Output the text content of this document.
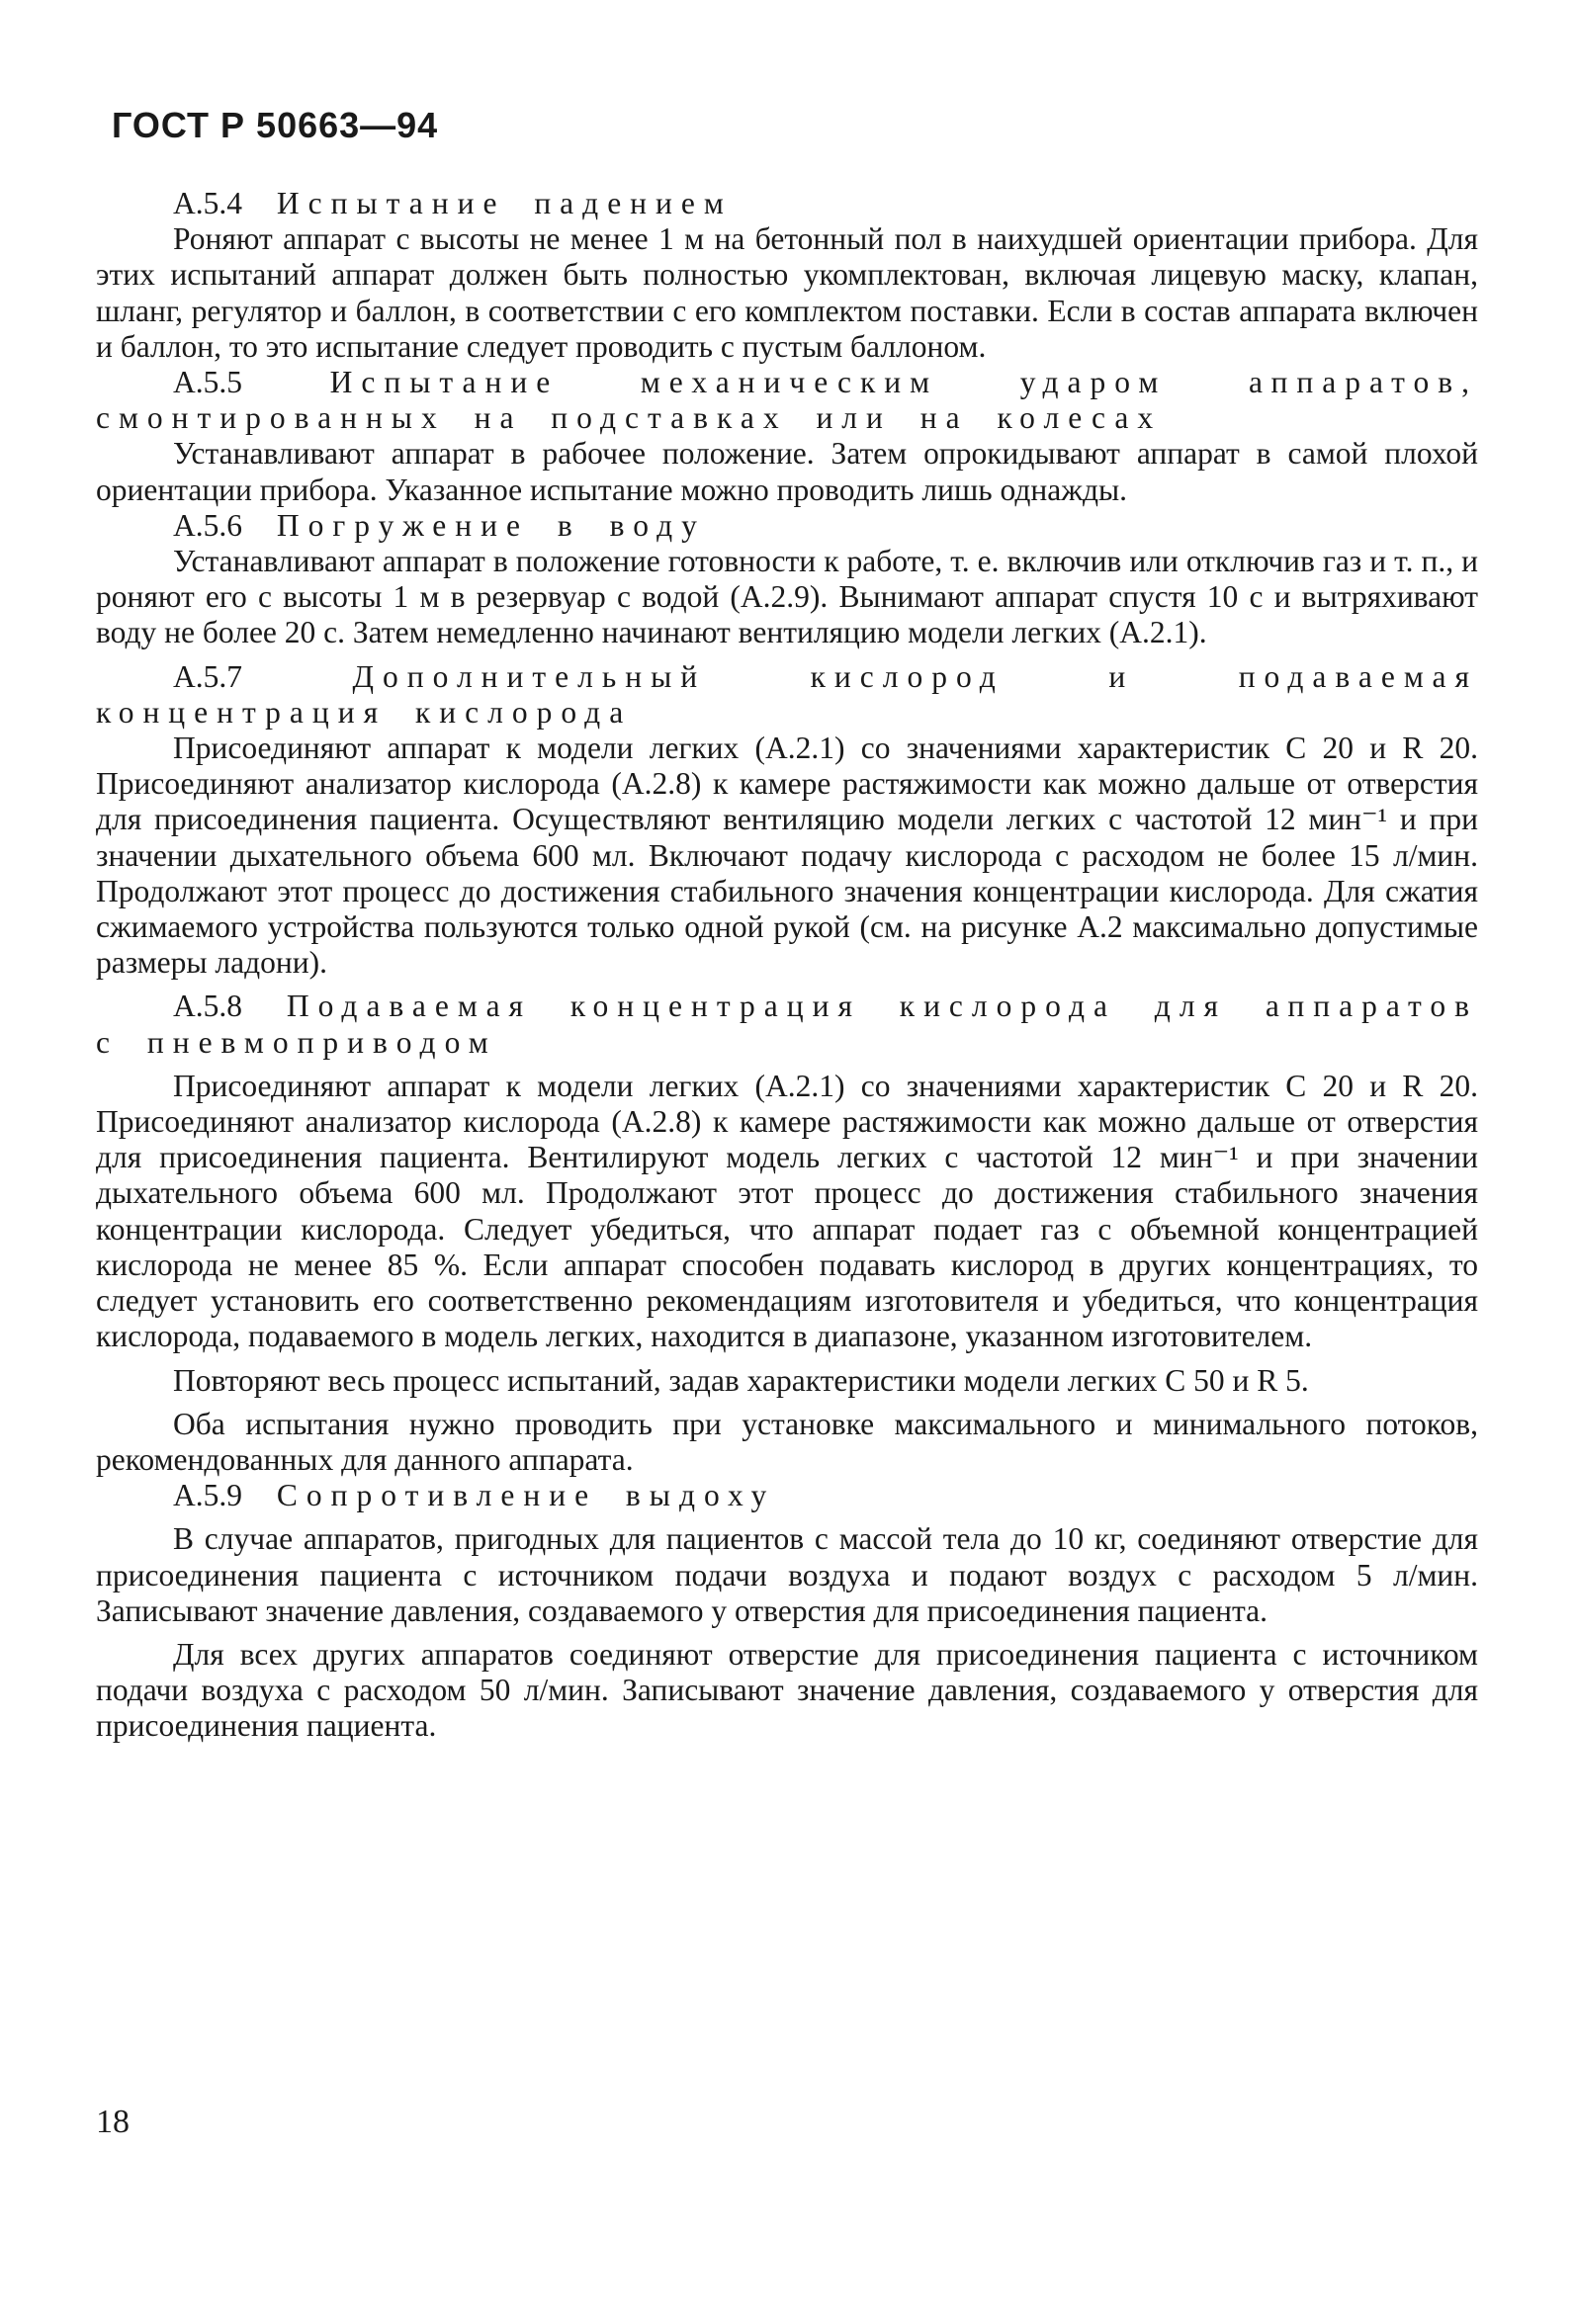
ГОСТ Р 50663—94

А.5.4 Испытание падением

Роняют аппарат с высоты не менее 1 м на бетонный пол в наихудшей ориентации прибора. Для этих испытаний аппарат должен быть полностью укомплектован, включая лицевую маску, клапан, шланг, регулятор и баллон, в соответствии с его комплектом поставки. Если в состав аппарата включен и баллон, то это испытание следует проводить с пустым баллоном.

А.5.5	Испытание механическим ударом аппаратов, смонтированных на подставках или на колесах

Устанавливают аппарат в рабочее положение. Затем опрокидывают аппарат в самой плохой ориентации прибора. Указанное испытание можно проводить лишь однажды.

А.5.6 Погружение в воду

Устанавливают аппарат в положение готовности к работе, т. е. включив или отключив газ и т. п., и роняют его с высоты 1 м в резервуар с водой (А.2.9). Вынимают аппарат спустя 10 с и вытряхивают воду не более 20 с. Затем немедленно начинают вентиляцию модели легких (А.2.1).

А.5.7	Дополнительный кислород и подаваемая концентрация кислорода

Присоединяют аппарат к модели легких (А.2.1) со значениями характеристик С 20 и R 20. Присоединяют анализатор кислорода (А.2.8) к камере растяжимости как можно дальше от отверстия для присоединения пациента. Осуществляют вентиляцию модели легких с частотой 12 мин⁻¹ и при значении дыхательного объема 600 мл. Включают подачу кислорода с расходом не более 15 л/мин. Продолжают этот процесс до достижения стабильного значения концентрации кислорода. Для сжатия сжимаемого устройства пользуются только одной рукой (см. на рисунке А.2 максимально допустимые размеры ладони).

А.5.8 Подаваемая концентрация кислорода для аппаратов с пневмоприводом

Присоединяют аппарат к модели легких (А.2.1) со значениями характеристик С 20 и R 20. Присоединяют анализатор кислорода (А.2.8) к камере растяжимости как можно дальше от отверстия для присоединения пациента. Вентилируют модель легких с частотой 12 мин⁻¹ и при значении дыхательного объема 600 мл. Продолжают этот процесс до достижения стабильного значения концентрации кислорода. Следует убедиться, что аппарат подает газ с объемной концентрацией кислорода не менее 85 %. Если аппарат способен подавать кислород в других концентрациях, то следует установить его соответственно рекомендациям изготовителя и убедиться, что концентрация кислорода, подаваемого в модель легких, находится в диапазоне, указанном изготовителем.

Повторяют весь процесс испытаний, задав характеристики модели легких С 50 и R 5.

Оба испытания нужно проводить при установке максимального и минимального потоков, рекомендованных для данного аппарата.

А.5.9 Сопротивление выдоху

В случае аппаратов, пригодных для пациентов с массой тела до 10 кг, соединяют отверстие для присоединения пациента с источником подачи воздуха и подают воздух с расходом 5 л/мин. Записывают значение давления, создаваемого у отверстия для присоединения пациента.

Для всех других аппаратов соединяют отверстие для присоединения пациента с источником подачи воздуха с расходом 50 л/мин. Записывают значение давления, создаваемого у отверстия для присоединения пациента.

18
